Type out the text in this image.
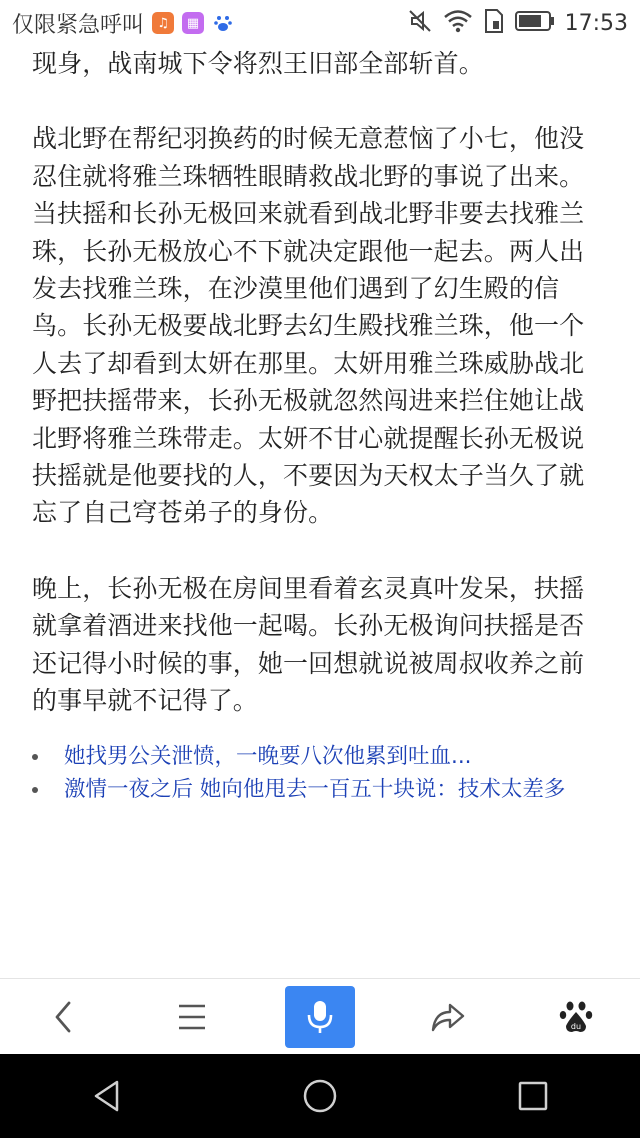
仅限紧急呼叫	♫	▦	17:53

现身，战南城下令将烈王旧部全部斩首。

战北野在帮纪羽换药的时候无意惹恼了小七，他没忍住就将雅兰珠牺牲眼睛救战北野的事说了出来。当扶摇和长孙无极回来就看到战北野非要去找雅兰珠，长孙无极放心不下就决定跟他一起去。两人出发去找雅兰珠，在沙漠里他们遇到了幻生殿的信鸟。长孙无极要战北野去幻生殿找雅兰珠，他一个人去了却看到太妍在那里。太妍用雅兰珠威胁战北野把扶摇带来，长孙无极就忽然闯进来拦住她让战北野将雅兰珠带走。太妍不甘心就提醒长孙无极说扶摇就是他要找的人，不要因为天权太子当久了就忘了自己穹苍弟子的身份。

晚上，长孙无极在房间里看着玄灵真叶发呆，扶摇就拿着酒进来找他一起喝。长孙无极询问扶摇是否还记得小时候的事，她一回想就说被周叔收养之前的事早就不记得了。

她找男公关泄愤，一晚要八次他累到吐血...
激情一夜之后 她向他甩去一百五十块说：技术太差多
du
